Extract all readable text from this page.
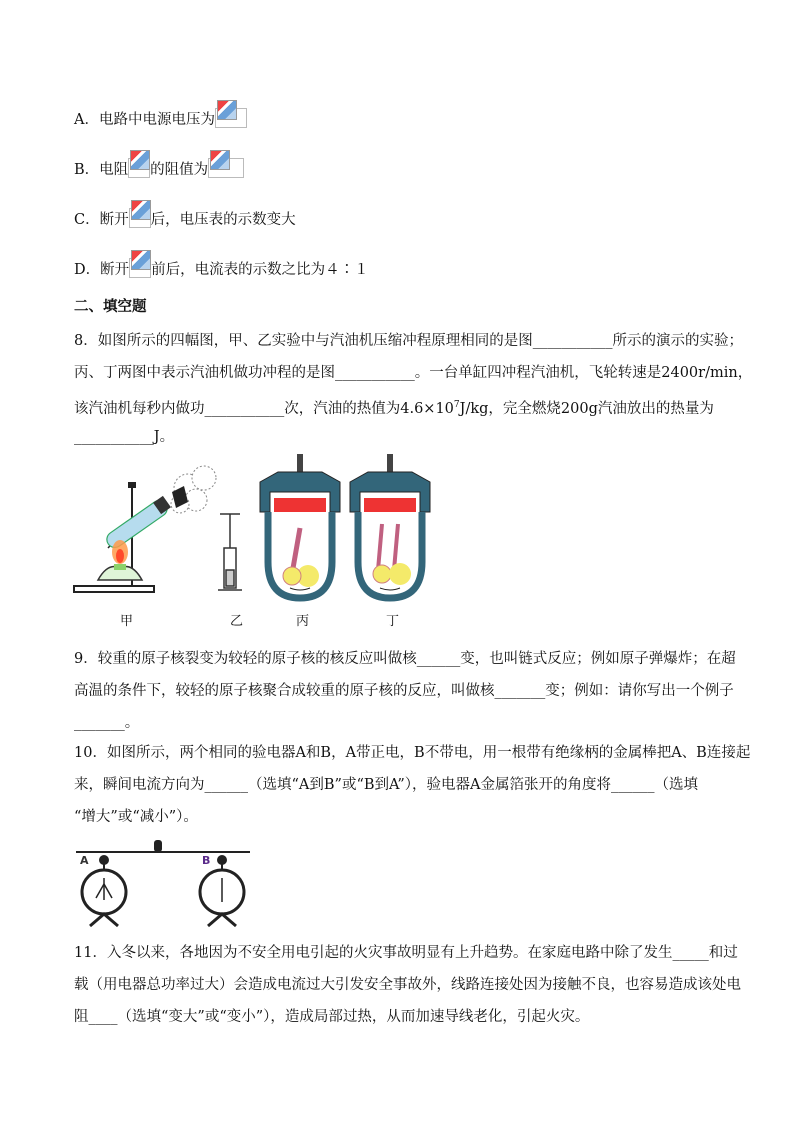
A．电路中电源电压为
B．电阻 的阻值为
C．断开 后，电压表的示数变大
D．断开 前后，电流表的示数之比为４∶１
二、填空题
8．如图所示的四幅图，甲、乙实验中与汽油机压缩冲程原理相同的是图___________所示的演示的实验；
丙、丁两图中表示汽油机做功冲程的是图___________。一台单缸四冲程汽油机，飞轮转速是2400r/min，
该汽油机每秒内做功___________次，汽油的热值为$4.6\times 10^7J/kg$，完全燃烧200g汽油放出的热量为
___________J。
甲	乙	丙	丁
9．较重的原子核裂变为较轻的原子核的核反应叫做核______变，也叫链式反应；例如原子弹爆炸；在超
高温的条件下，较轻的原子核聚合成较重的原子核的反应，叫做核_______变；例如：请你写出一个例子
_______。
10．如图所示，两个相同的验电器A和B，A带正电，B不带电，用一根带有绝缘柄的金属棒把A、B连接起
来，瞬间电流方向为______（选填“A到B”或“B到A”），验电器A金属箔张开的角度将______（选填
“增大”或“减小”）。
A	B
11．入冬以来，各地因为不安全用电引起的火灾事故明显有上升趋势。在家庭电路中除了发生_____和过
载（用电器总功率过大）会造成电流过大引发安全事故外，线路连接处因为接触不良，也容易造成该处电
阻____（选填“变大”或“变小”），造成局部过热，从而加速导线老化，引起火灾。
